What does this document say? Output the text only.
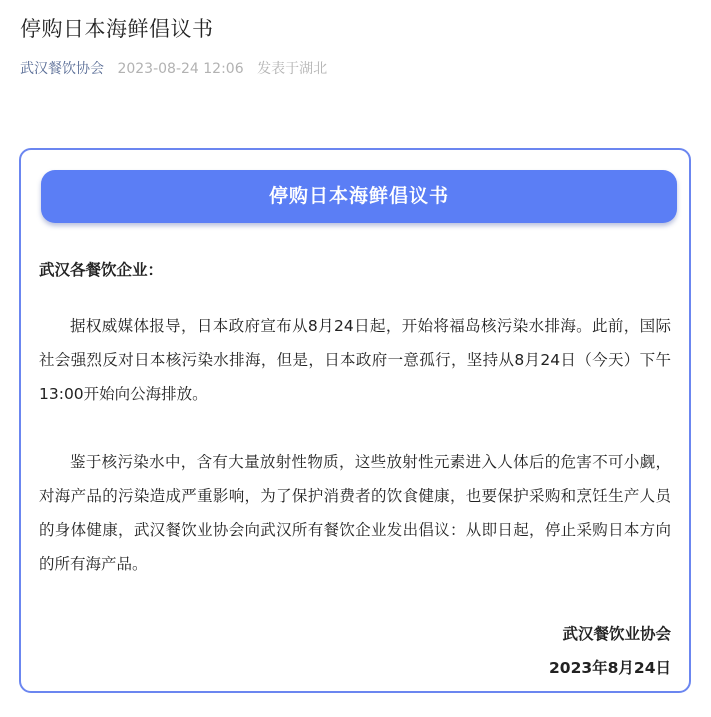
停购日本海鲜倡议书
武汉餐饮协会 2023-08-24 12:06 发表于湖北
停购日本海鲜倡议书
武汉各餐饮企业：

据权威媒体报导，日本政府宣布从8月24日起，开始将福岛核污染水排海。此前，国际社会强烈反对日本核污染水排海，但是，日本政府一意孤行，坚持从8月24日（今天）下午13:00开始向公海排放。

鉴于核污染水中，含有大量放射性物质，这些放射性元素进入人体后的危害不可小觑，对海产品的污染造成严重影响，为了保护消费者的饮食健康，也要保护采购和烹饪生产人员的身体健康，武汉餐饮业协会向武汉所有餐饮企业发出倡议：从即日起，停止采购日本方向的所有海产品。

武汉餐饮业协会
2023年8月24日
